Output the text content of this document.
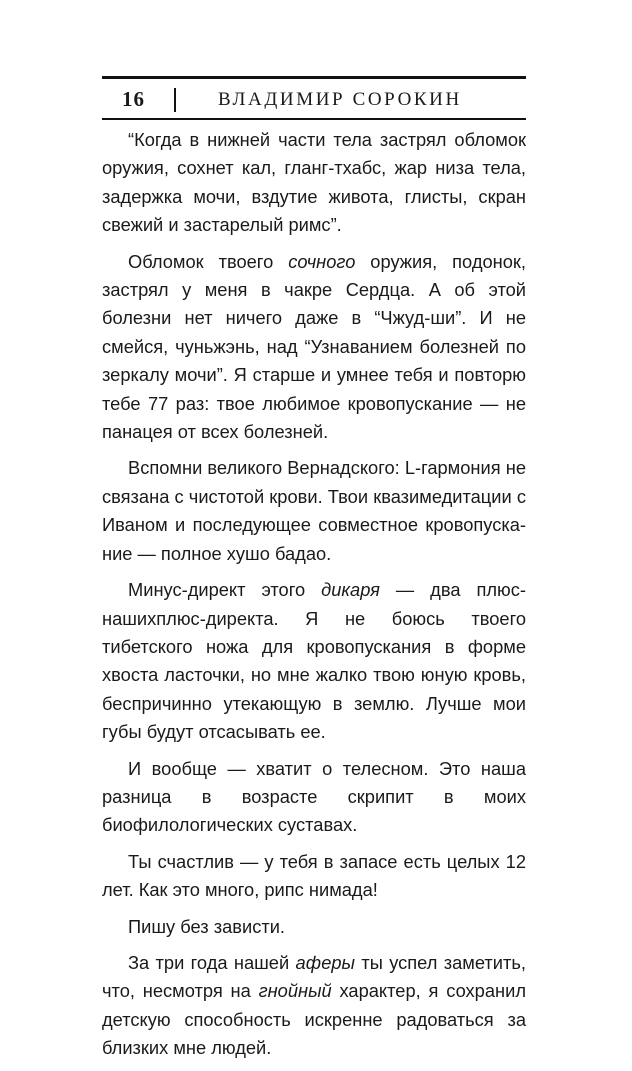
16	ВЛАДИМИР СОРОКИН

“Когда в нижней части тела застрял обломок оружия, сохнет кал, гланг-тхабс, жар низа тела, задержка мочи, вздутие живота, глисты, скран свежий и застарелый римс”.

Обломок твоего сочного оружия, подонок, застрял у меня в чакре Сердца. А об этой болезни нет ничего даже в “Чжуд-ши”. И не смейся, чуньжэнь, над “Узнаванием болезней по зеркалу мочи”. Я старше и умнее тебя и повторю тебе 77 раз: твое любимое кровопускание — не панацея от всех болезней.

Вспомни великого Вернадского: L-гармония не связана с чистотой крови. Твои квазимедитации с Иваном и последующее совместное кровопускание — полное хушо бадао.

Минус-директ этого дикаря — два плюс-нашихплюс-директа. Я не боюсь твоего тибетского ножа для кровопускания в форме хвоста ласточки, но мне жалко твою юную кровь, беспричинно утекающую в землю. Лучше мои губы будут отсасывать ее.

И вообще — хватит о телесном. Это наша разница в возрасте скрипит в моих биофилологических суставах.

Ты счастлив — у тебя в запасе есть целых 12 лет. Как это много, рипс нимада!

Пишу без зависти.

За три года нашей аферы ты успел заметить, что, несмотря на гнойный характер, я сохранил детскую способность искренне радоваться за близких мне людей.
